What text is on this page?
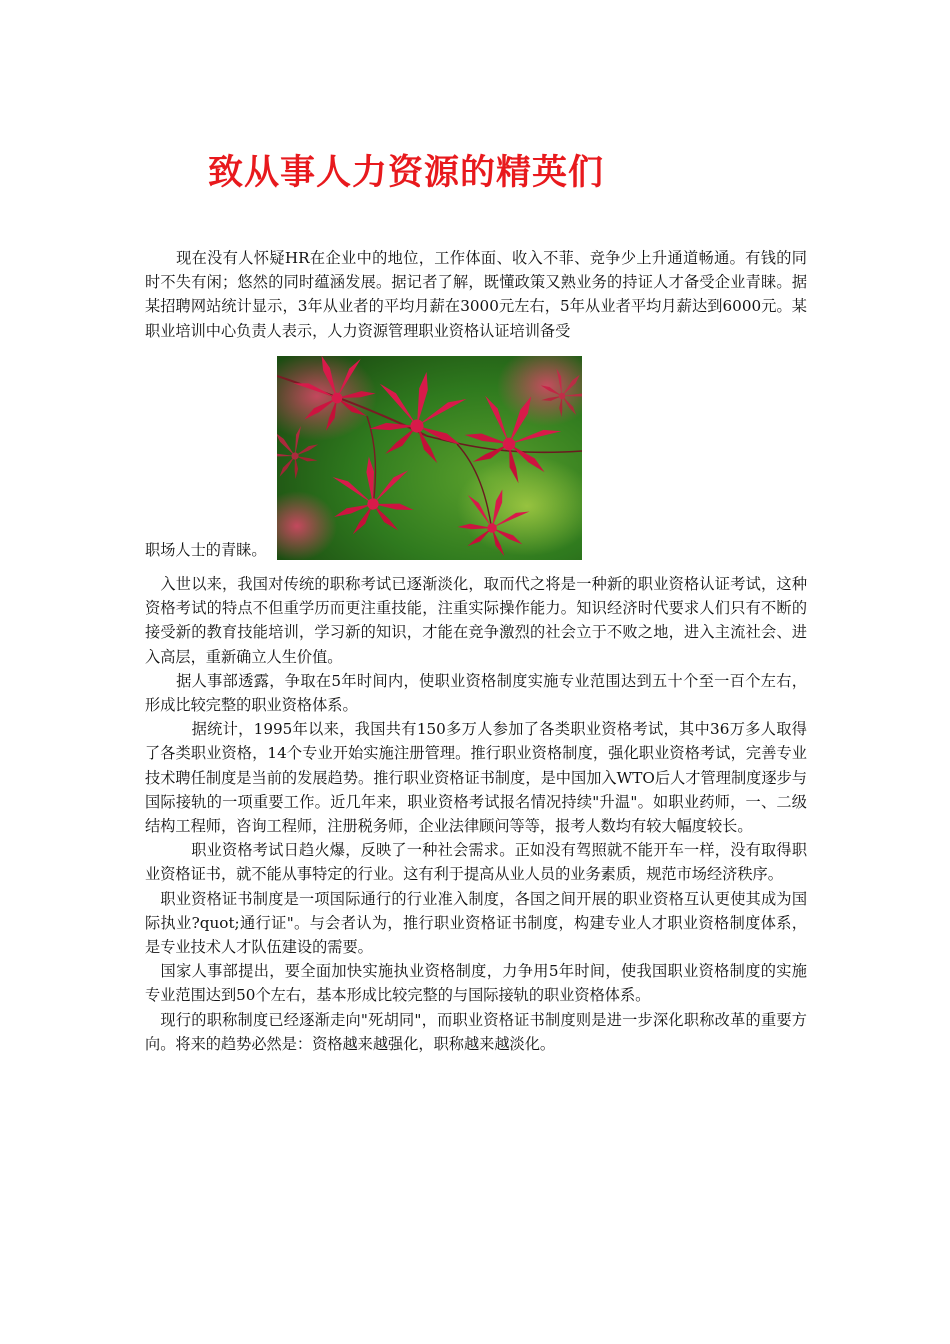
致从事人力资源的精英们

　　现在没有人怀疑HR在企业中的地位，工作体面、收入不菲、竞争少上升通道畅通。有钱的同时不失有闲；悠然的同时蕴涵发展。据记者了解，既懂政策又熟业务的持证人才备受企业青睐。据某招聘网站统计显示，3年从业者的平均月薪在3000元左右，5年从业者平均月薪达到6000元。某职业培训中心负责人表示，人力资源管理职业资格认证培训备受

职场人士的青睐。

　入世以来，我国对传统的职称考试已逐渐淡化，取而代之将是一种新的职业资格认证考试，这种资格考试的特点不但重学历而更注重技能，注重实际操作能力。知识经济时代要求人们只有不断的接受新的教育技能培训，学习新的知识，才能在竞争激烈的社会立于不败之地，进入主流社会、进入高层，重新确立人生价值。

　　据人事部透露，争取在5年时间内，使职业资格制度实施专业范围达到五十个至一百个左右，形成比较完整的职业资格体系。

　　　据统计，1995年以来，我国共有150多万人参加了各类职业资格考试，其中36万多人取得了各类职业资格，14个专业开始实施注册管理。推行职业资格制度，强化职业资格考试，完善专业技术聘任制度是当前的发展趋势。推行职业资格证书制度，是中国加入WTO后人才管理制度逐步与国际接轨的一项重要工作。近几年来，职业资格考试报名情况持续"升温"。如职业药师，一、二级结构工程师，咨询工程师，注册税务师，企业法律顾问等等，报考人数均有较大幅度较长。

　　　职业资格考试日趋火爆，反映了一种社会需求。正如没有驾照就不能开车一样，没有取得职业资格证书，就不能从事特定的行业。这有利于提高从业人员的业务素质，规范市场经济秩序。

　职业资格证书制度是一项国际通行的行业准入制度，各国之间开展的职业资格互认更使其成为国际执业?quot;通行证"。与会者认为，推行职业资格证书制度，构建专业人才职业资格制度体系，是专业技术人才队伍建设的需要。

　国家人事部提出，要全面加快实施执业资格制度，力争用5年时间，使我国职业资格制度的实施专业范围达到50个左右，基本形成比较完整的与国际接轨的职业资格体系。

　现行的职称制度已经逐渐走向"死胡同"，而职业资格证书制度则是进一步深化职称改革的重要方向。将来的趋势必然是：资格越来越强化，职称越来越淡化。
